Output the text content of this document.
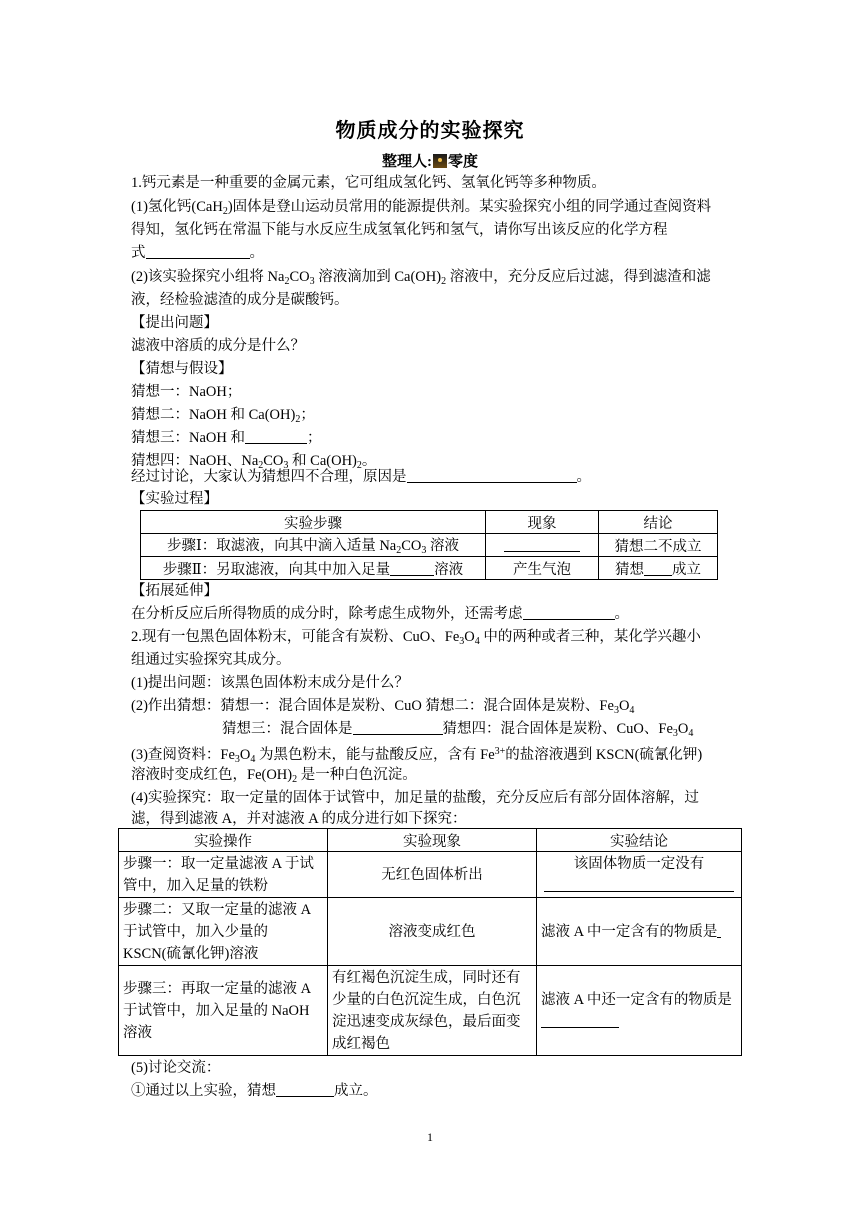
物质成分的实验探究
整理人: 零度
1.钙元素是一种重要的金属元素，它可组成氢化钙、氢氧化钙等多种物质。
(1)氢化钙(CaH$_2$)固体是登山运动员常用的能源提供剂。某实验探究小组的同学通过查阅资料
得知，氢化钙在常温下能与水反应生成氢氧化钙和氢气，请你写出该反应的化学方程
式	。
(2)该实验探究小组将 $Na_2CO_3$ 溶液滴加到 $Ca(OH)_2$ 溶液中，充分反应后过滤，得到滤渣和滤
液，经检验滤渣的成分是碳酸钙。
【提出问题】
滤液中溶质的成分是什么？
【猜想与假设】
猜想一：NaOH；
猜想二：NaOH 和 $Ca(OH)_2$；
猜想三：NaOH 和	；
猜想四：NaOH、$Na_2CO_3$ 和 $Ca(OH)_2$。
经过讨论，大家认为猜想四不合理，原因是	。
【实验过程】
实验步骤	现象	结论
步骤Ⅰ：取滤液，向其中滴入适量 $Na_2CO_3$ 溶液		猜想二不成立
步骤Ⅱ：另取滤液，向其中加入足量 溶液	产生气泡	猜想 成立
【拓展延伸】
在分析反应后所得物质的成分时，除考虑生成物外，还需考虑	。
2.现有一包黑色固体粉末，可能含有炭粉、CuO、$Fe_3O_4$ 中的两种或者三种，某化学兴趣小
组通过实验探究其成分。
(1)提出问题：该黑色固体粉末成分是什么？
(2)作出猜想：猜想一：混合固体是炭粉、CuO 猜想二：混合固体是炭粉、$Fe_3O_4$
猜想三：混合固体是	猜想四：混合固体是炭粉、CuO、$Fe_3O_4$
(3)查阅资料：$Fe_3O_4$ 为黑色粉末，能与盐酸反应，含有 $Fe^{3+}$的盐溶液遇到 KSCN(硫氰化钾)
溶液时变成红色，$Fe(OH)_2$ 是一种白色沉淀。
(4)实验探究：取一定量的固体于试管中，加足量的盐酸，充分反应后有部分固体溶解，过
滤，得到滤液 A，并对滤液 A 的成分进行如下探究：
实验操作	实验现象	实验结论
步骤一：取一定量滤液 A 于试管中，加入足量的铁粉	无红色固体析出	该固体物质一定没有

步骤二：又取一定量的滤液 A 于试管中，加入少量的 KSCN(硫氰化钾)溶液	溶液变成红色	滤液 A 中一定含有的物质是
步骤三：再取一定量的滤液 A 于试管中，加入足量的 NaOH 溶液	有红褐色沉淀生成，同时还有少量的白色沉淀生成，白色沉淀迅速变成灰绿色，最后面变成红褐色	滤液 A 中还一定含有的物质是
(5)讨论交流：
①通过以上实验，猜想	成立。
1
